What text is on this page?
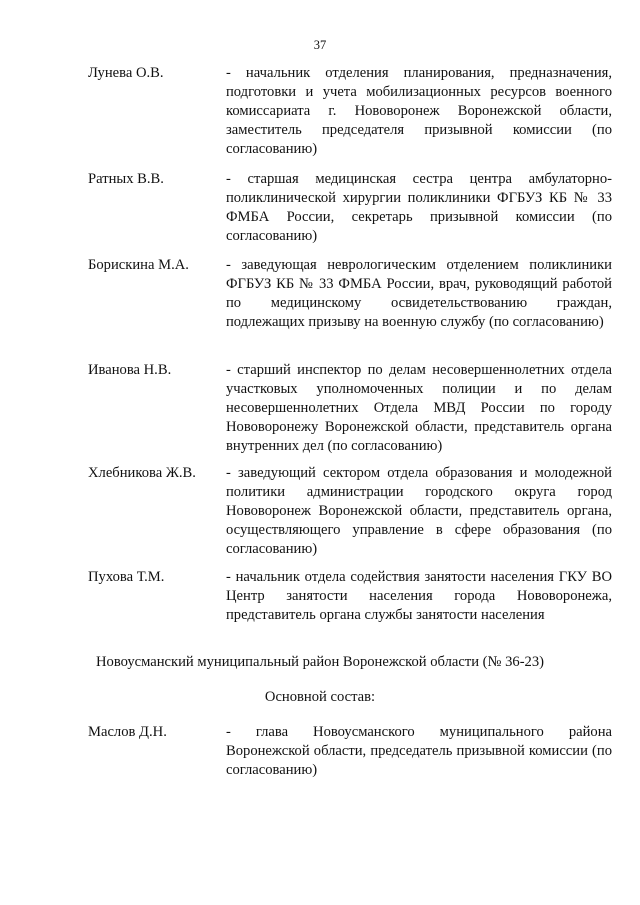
37
Лунева О.В.	- начальник отделения планирования, предназначения, подготовки и учета мобилизационных ресурсов военного комиссариата г. Нововоронеж Воронежской области, заместитель председателя призывной комиссии (по согласованию)
Ратных В.В.	- старшая медицинская сестра центра амбулаторно-поликлинической хирургии поликлиники ФГБУЗ КБ № 33 ФМБА России, секретарь призывной комиссии (по согласованию)
Борискина М.А.	- заведующая неврологическим отделением поликлиники ФГБУЗ КБ № 33 ФМБА России, врач, руководящий работой по медицинскому освидетельствованию граждан, подлежащих призыву на военную службу (по согласованию)
Иванова Н.В.	- старший инспектор по делам несовершеннолетних отдела участковых уполномоченных полиции и по делам несовершеннолетних Отдела МВД России по городу Нововоронежу Воронежской области, представитель органа внутренних дел (по согласованию)
Хлебникова Ж.В.	- заведующий сектором отдела образования и молодежной политики администрации городского округа город Нововоронеж Воронежской области, представитель органа, осуществляющего управление в сфере образования (по согласованию)
Пухова Т.М.	- начальник отдела содействия занятости населения ГКУ ВО Центр занятости населения города Нововоронежа, представитель органа службы занятости населения
Новоусманский муниципальный район Воронежской области (№ 36-23)
Основной состав:
Маслов Д.Н.	- глава Новоусманского муниципального района Воронежской области, председатель призывной комиссии (по согласованию)
